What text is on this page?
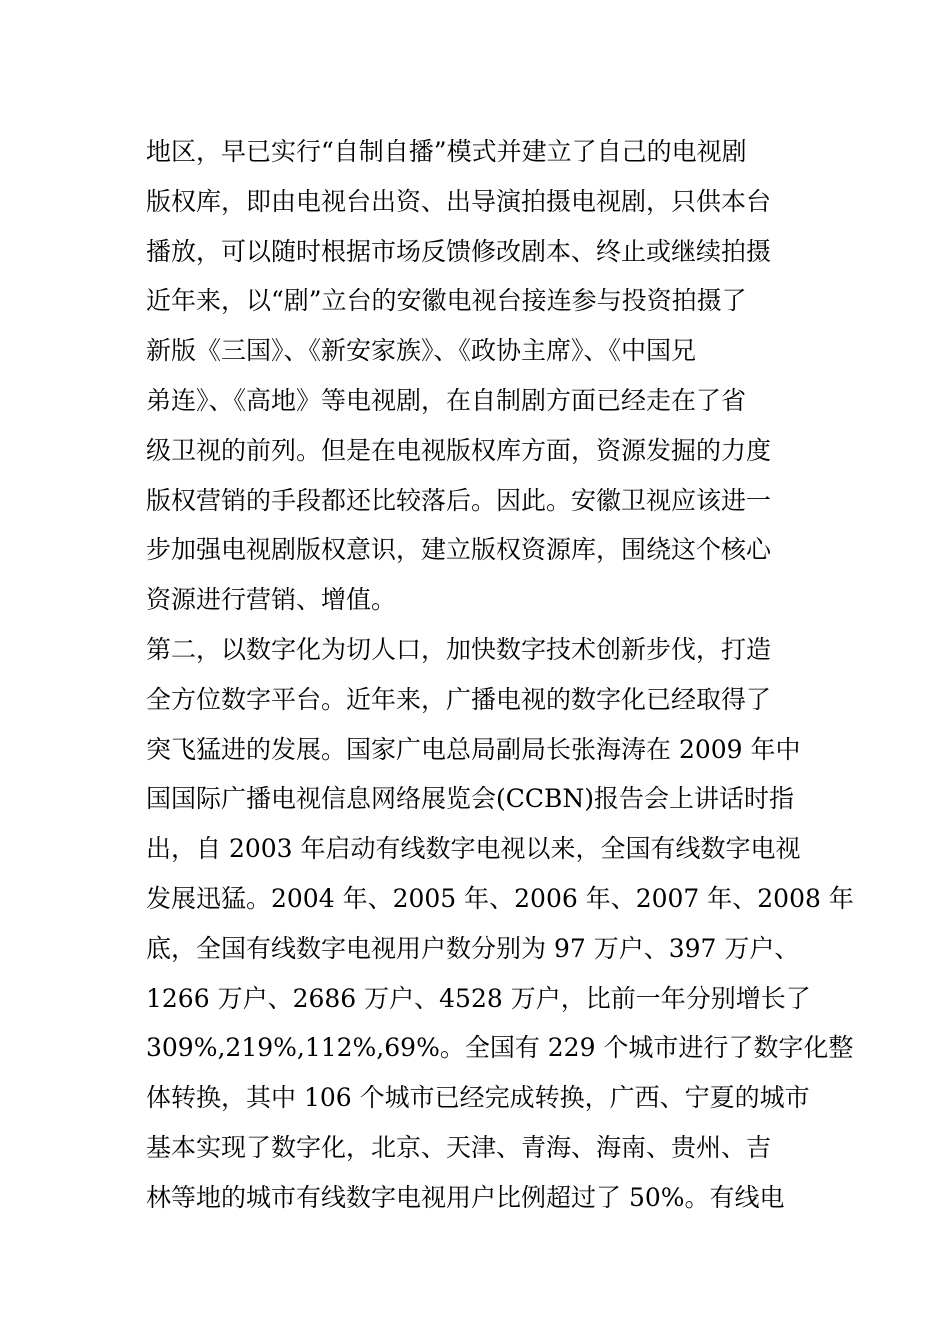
地区，早已实行“自制自播”模式并建立了自己的电视剧
版权库，即由电视台出资、出导演拍摄电视剧，只供本台
播放，可以随时根据市场反馈修改剧本、终止或继续拍摄
近年来，以“剧”立台的安徽电视台接连参与投资拍摄了
新版《三国》、《新安家族》、《政协主席》、《中国兄
弟连》、《高地》等电视剧，在自制剧方面已经走在了省
级卫视的前列。但是在电视版权库方面，资源发掘的力度
版权营销的手段都还比较落后。因此。安徽卫视应该进一
步加强电视剧版权意识，建立版权资源库，围绕这个核心
资源进行营销、增值。
第二，以数字化为切人口，加快数字技术创新步伐，打造
全方位数字平台。近年来，广播电视的数字化已经取得了
突飞猛进的发展。国家广电总局副局长张海涛在 2009 年中
国国际广播电视信息网络展览会(CCBN)报告会上讲话时指
出，自 2003 年启动有线数字电视以来，全国有线数字电视
发展迅猛。2004 年、2005 年、2006 年、2007 年、2008 年
底，全国有线数字电视用户数分别为 97 万户、397 万户、
1266 万户、2686 万户、4528 万户，比前一年分别增长了
309%,219%,112%,69%。全国有 229 个城市进行了数字化整
体转换，其中 106 个城市已经完成转换，广西、宁夏的城市
基本实现了数字化，北京、天津、青海、海南、贵州、吉
林等地的城市有线数字电视用户比例超过了 50%。有线电
